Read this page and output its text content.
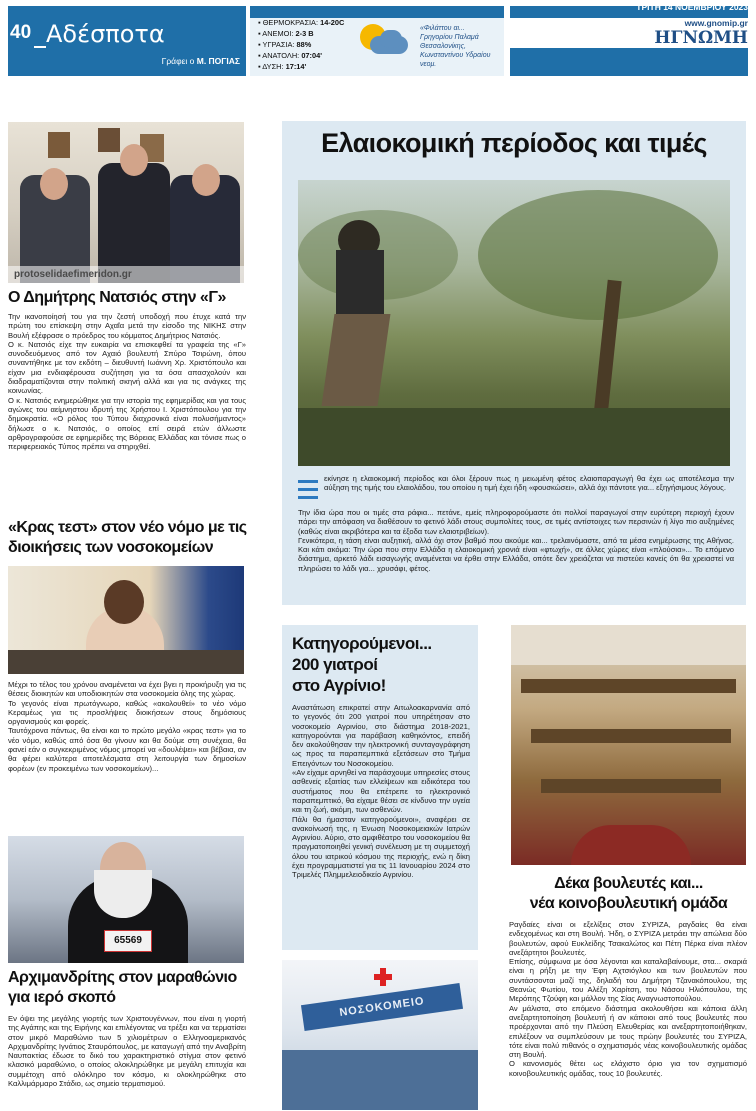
40 Αδέσποτα
Γράφει ο Μ. ΠΟΓΙΑΣ
▪ ΘΕΡΜΟΚΡΑΣΙΑ: 14-20C
▪ ΑΝΕΜΟΙ: 2-3 B
▪ ΥΓΡΑΣΙΑ: 88%
▪ ΑΝΑΤΟΛΗ: 07:04'
▪ ΔΥΣΗ: 17:14'
«Φιλάττου αι... Γρηγορίου Παλαμά Θεσσαλονίκης, Κωνσταντίνου Υδραίου νεομ.
ΤΡΙΤΗ 14 ΝΟΕΜΒΡΙΟΥ 2023
www.gnomip.gr
ΗΓΝΩΜΗ
protoselidaefimeridon.gr
Ο Δημήτρης Νατσιός στην «Γ»

Την ικανοποίησή του για την ζεστή υποδοχή που έτυχε κατά την πρώτη του επίσκεψη στην Αχαΐα μετά την είσοδο της ΝΙΚΗΣ στην Βουλή εξέφρασε ο πρόεδρος του κόμματος Δημήτριος Νατσιός.

Ο κ. Νατσιός είχε την ευκαιρία να επισκεφθεί τα γραφεία της «Γ» συνοδευόμενος από τον Αχαιό βουλευτή Σπύρο Τσιρώνη, όπου συναντήθηκε με τον εκδότη – διευθυντή Ιωάννη Χρ. Χριστόπουλο και είχαν μια ενδιαφέρουσα συζήτηση για τα όσα απασχολούν και διαδραματίζονται στην πολιτική σκηνή αλλά και για τις ανάγκες της κοινωνίας.

Ο κ. Νατσιός ενημερώθηκε για την ιστορία της εφημερίδας και για τους αγώνες του αείμνηστου ιδρυτή της Χρήστου Ι. Χριστόπουλου για την δημοκρατία. «Ο ρόλος του Τύπου διαχρονικά είναι πολυσήμαντος» δήλωσε ο κ. Νατσιός, ο οποίος επί σειρά ετών άλλωστε αρθρογραφούσε σε εφημερίδες της Βόρειας Ελλάδας και τόνισε πως ο περιφερειακός Τύπος πρέπει να στηριχθεί.

«Κρας τεστ» στον νέο νόμο με τις διοικήσεις των νοσοκομείων

Μέχρι το τέλος του χρόνου αναμένεται να έχει βγει η προκήρυξη για τις θέσεις διοικητών και υποδιοικητών στα νοσοκομεία όλης της χώρας.

Το γεγονός είναι πρωτόγνωρο, καθώς «ακολουθεί» το νέο νόμο Κεραμέως για τις προσλήψεις διοικήσεων στους δημόσιους οργανισμούς και φορείς.

Ταυτόχρονα πάντως, θα είναι και το πρώτο μεγάλο «κρας τεστ» για το νέο νόμο, καθώς από όσα θα γίνουν και θα δούμε στη συνέχεια, θα φανεί εάν ο συγκεκριμένος νόμος μπορεί να «δουλέψει» και βέβαια, αν θα φέρει καλύτερα αποτελέσματα στη λειτουργία των δημοσίων φορέων (εν προκειμένω των νοσοκομείων)...

65569
Αρχιμανδρίτης στον μαραθώνιο για ιερό σκοπό

Εν όψει της μεγάλης γιορτής των Χριστουγέννων, που είναι η γιορτή της Αγάπης και της Ειρήνης και επιλέγοντας να τρέξει και να τερματίσει στον μικρό Μαραθώνιο των 5 χιλιομέτρων ο Ελληνοαμερικανός Αρχιμανδρίτης Ιγνάτιος Σταυρόπουλος, με καταγωγή από την Αναβρίτη Ναυπακτίας έδωσε το δικό του χαρακτηριστικό στίγμα στον φετινό κλασικό μαραθώνιο, ο οποίος ολοκληρώθηκε με μεγάλη επιτυχία και συμμέτοχη από ολόκληρο τον κόσμο, κι ολοκληρώθηκε στο Καλλιμάρμαρο Στάδιο, ως σημείο τερματισμού.

Ελαιοκομική περίοδος και τιμές
εκίνησε η ελαιοκομική περίοδος και όλοι ξέρουν πως η μειωμένη φέτος ελαιοπαραγωγή θα έχει ως αποτέλεσμα την αύξηση της τιμής του ελαιολάδου, του οποίου η τιμή έχει ήδη «φουσκώσει», αλλά όχι πάντοτε για... εξηγήσιμους λόγους.

Την ίδια ώρα που οι τιμές στα ράφια... πετάνε, εμείς πληροφορούμαστε ότι πολλοί παραγωγοί στην ευρύτερη περιοχή έχουν πάρει την απόφαση να διαθέσουν το φετινό λάδι στους συμπολίτες τους, σε τιμές αντίστοιχες των περσινών ή λίγο πιο αυξημένες (καθώς είναι ακριβότερα και τα έξοδα των ελαιοτριβείων).

Γενικότερα, η τάση είναι αυξητική, αλλά όχι στον βαθμό που ακούμε και... τρελαινόμαστε, από τα μέσα ενημέρωσης της Αθήνας. Και κάτι ακόμα: Την ώρα που στην Ελλάδα η ελαιοκομική χρονιά είναι «φτωχή», σε άλλες χώρες είναι «πλούσια»... Το επόμενο διάστημα, αρκετό λάδι εισαγωγής αναμένεται να έρθει στην Ελλάδα, οπότε δεν χρειάζεται να πιστεύει κανείς ότι θα χρειαστεί να πληρώσει το λάδι για... χρυσάφι, φέτος.

Κατηγορούμενοι...
200 γιατροί
στο Αγρίνιο!

Αναστάτωση επικρατεί στην Αιτωλοακαρνανία από το γεγονός ότι 200 γιατροί που υπηρέτησαν στο νοσοκομείο Αγρινίου, στο διάστημα 2018-2021, κατηγορούνται για παράβαση καθηκόντος, επειδή δεν ακολούθησαν την ηλεκτρονική συνταγογράφηση ως προς τα παραπεμπτικά εξετάσεων στο Τμήμα Επειγόντων του Νοσοκομείου.

«Αν είχαμε αρνηθεί να παράσχουμε υπηρεσίες στους ασθενείς εξαιτίας των ελλείψεων και ειδικότερα του συστήματος που θα επέτρεπε το ηλεκτρονικό παραπεμπτικό, θα είχαμε θέσει σε κίνδυνο την υγεία και τη ζωή, ακόμη, των ασθενών.

Πάλι θα ήμασταν κατηγορούμενοι», αναφέρει σε ανακοίνωσή της, η Ένωση Νοσοκομειακών Ιατρών Αγρινίου. Αύριο, στο αμφιθέατρο του νοσοκομείου θα πραγματοποιηθεί γενική συνέλευση με τη συμμετοχή όλου του ιατρικού κόσμου της περιοχής, ενώ η δίκη έχει προγραμματιστεί για τις 11 Ιανουαρίου 2024 στο Τριμελές Πλημμελειοδικείο Αγρινίου.

ΝΟΣΟΚΟΜΕΙΟ
Δέκα βουλευτές και...
νέα κοινοβουλευτική ομάδα

Ραγδαίες είναι οι εξελίξεις στον ΣΥΡΙΖΑ, ραγδαίες θα είναι ενδεχομένως και στη Βουλή. Ήδη, ο ΣΥΡΙΖΑ μετράει την απώλεια δύο βουλευτών, αφού Ευκλείδης Τσακαλώτος και Πέτη Πέρκα είναι πλέον ανεξάρτητοι βουλευτές.

Επίσης, σύμφωνα με όσα λέγονται και καταλαβαίνουμε, στα... σκαριά είναι η ρήξη με την Έφη Αχτσιόγλου και των βουλευτών που συντάσσονται μαζί της, δηλαδή του Δημήτρη Τζανακόπουλου, της Θεανώς Φωτίου, του Αλέξη Χαρίτση, του Νάσου Ηλιόπουλου, της Μερόπης Τζούφη και μάλλον της Σίας Αναγνωστοπούλου.

Αν μάλιστα, στο επόμενο διάστημα ακολουθήσει και κάποια άλλη ανεξαρτητοποίηση βουλευτή ή αν κάποιοι από τους βουλευτές που προέρχονται από την Πλεύση Ελευθερίας και ανεξαρτητοποιήθηκαν, επιλέξουν να συμπλεύσουν με τους πρώην βουλευτές του ΣΥΡΙΖΑ, τότε είναι πολύ πιθανός ο σχηματισμός νέας κοινοβουλευτικής ομάδας στη Βουλή.

Ο κανονισμός θέτει ως ελάχιστο όριο για τον σχηματισμό κοινοβουλευτικής ομάδας, τους 10 βουλευτές.
